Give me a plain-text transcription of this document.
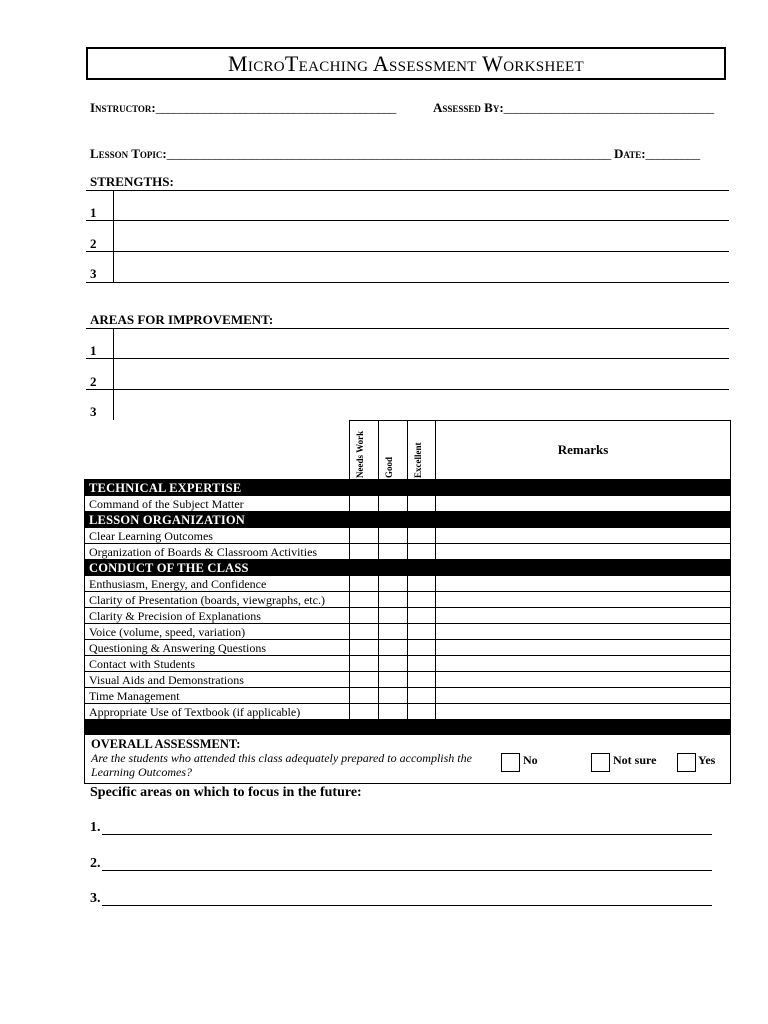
MicroTeaching Assessment Worksheet
Instructor:________________________________________	Assessed By:___________________________________
Lesson Topic:__________________________________________________________________________ Date:_________
STRENGTHS:
1
2
3
AREAS FOR IMPROVEMENT:
1
2
3

	Needs Work	Good	Excellent	Remarks
TECHNICAL EXPERTISE				
Command of the Subject Matter				
LESSON ORGANIZATION				
Clear Learning Outcomes				
Organization of Boards & Classroom Activities				
CONDUCT OF THE CLASS				
Enthusiasm, Energy, and Confidence				
Clarity of Presentation (boards, viewgraphs, etc.)				
Clarity & Precision of Explanations				
Voice (volume, speed, variation)				
Questioning & Answering Questions				
Contact with Students				
Visual Aids and Demonstrations				
Time Management				
Appropriate Use of Textbook (if applicable)				

OVERALL ASSESSMENT:
Are the students who attended this class adequately prepared to accomplish the Learning Outcomes?
No Not sure Yes				
Specific areas on which to focus in the future:
1.
2.
3.
